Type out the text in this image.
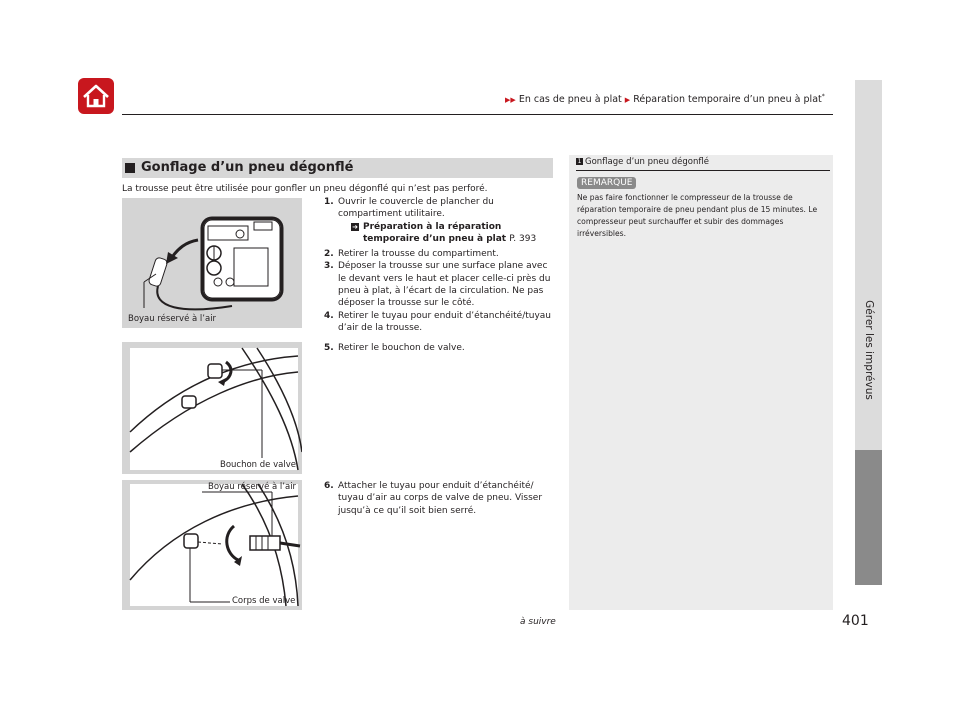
▶▶ En cas de pneu à plat ▶ Réparation temporaire d’un pneu à plat*
Gérer les imprévus
Gonflage d’un pneu dégonflé
La trousse peut être utilisée pour gonfler un pneu dégonflé qui n’est pas perforé.
1. Ouvrir le couvercle de plancher du compartiment utilitaire.
➜ Préparation à la réparation temporaire d’un pneu à plat P. 393
2. Retirer la trousse du compartiment.
3. Déposer la trousse sur une surface plane avec le devant vers le haut et placer celle-ci près du pneu à plat, à l’écart de la circulation. Ne pas déposer la trousse sur le côté.
4. Retirer le tuyau pour enduit d’étanchéité/tuyau d’air de la trousse.
5. Retirer le bouchon de valve.
6. Attacher le tuyau pour enduit d’étanchéité/ tuyau d’air au corps de valve de pneu. Visser jusqu’à ce qu’il soit bien serré.
Boyau réservé à l’air
Bouchon de valve
Boyau réservé à l’air
Corps de valve
1 Gonflage d’un pneu dégonflé
REMARQUE
Ne pas faire fonctionner le compresseur de la trousse de réparation temporaire de pneu pendant plus de 15 minutes. Le compresseur peut surchauffer et subir des dommages irréversibles.
à suivre	401
